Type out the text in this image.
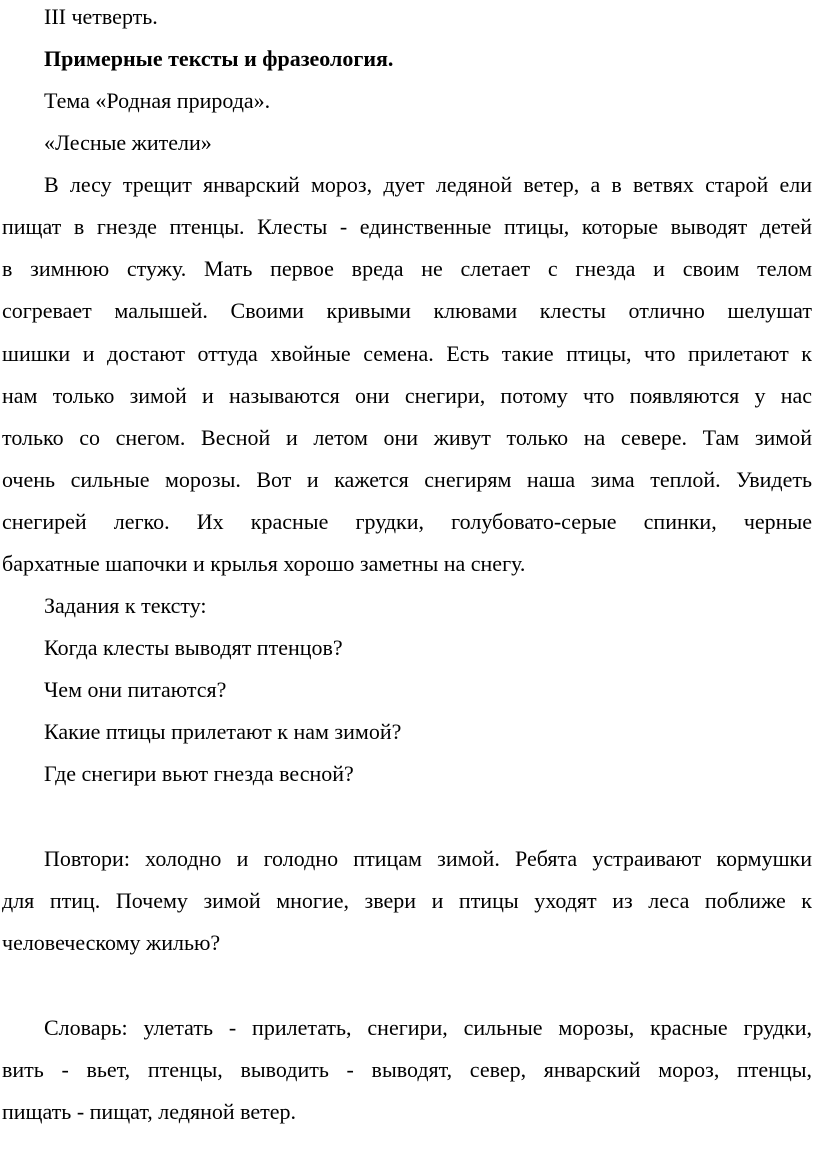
III четверть.
Примерные тексты и фразеология.
Тема «Родная природа».
«Лесные жители»
В лесу трещит январский мороз, дует ледяной ветер, а в ветвях старой ели
пищат в гнезде птенцы. Клесты - единственные птицы, которые выводят детей
в зимнюю стужу. Мать первое вреда не слетает с гнезда и своим телом
согревает малышей. Своими кривыми клювами клесты отлично шелушат
шишки и достают оттуда хвойные семена. Есть такие птицы, что прилетают к
нам только зимой и называются они снегири, потому что появляются у нас
только со снегом. Весной и летом они живут только на севере. Там зимой
очень сильные морозы. Вот и кажется снегирям наша зима теплой. Увидеть
снегирей легко. Их красные грудки, голубовато-серые спинки, черные
бархатные шапочки и крылья хорошо заметны на снегу.
Задания к тексту:
Когда клесты выводят птенцов?
Чем они питаются?
Какие птицы прилетают к нам зимой?
Где снегири вьют гнезда весной?
Повтори: холодно и голодно птицам зимой. Ребята устраивают кормушки
для птиц. Почему зимой многие, звери и птицы уходят из леса поближе к
человеческому жилью?
Словарь: улетать - прилетать, снегири, сильные морозы, красные грудки,
вить - вьет, птенцы, выводить - выводят, север, январский мороз, птенцы,
пищать - пищат, ледяной ветер.
